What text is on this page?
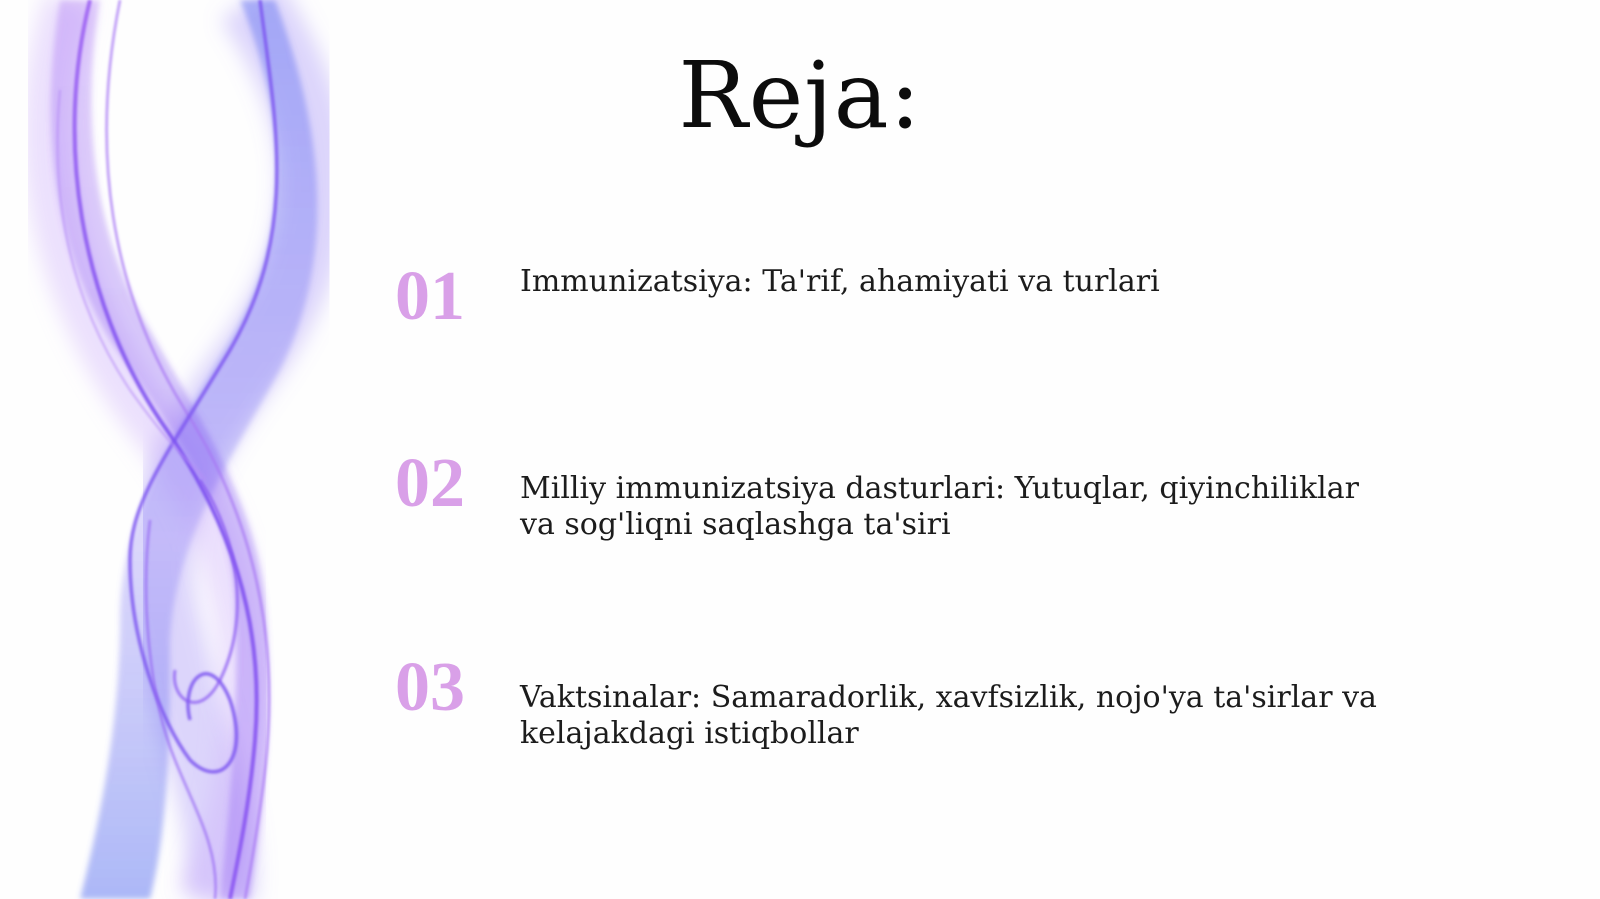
Reja:
01 Immunizatsiya: Ta'rif, ahamiyati va turlari
02 Milliy immunizatsiya dasturlari: Yutuqlar, qiyinchiliklar va sog'liqni saqlashga ta'siri
03 Vaktsinalar: Samaradorlik, xavfsizlik, nojo'ya ta'sirlar va kelajakdagi istiqbollar
